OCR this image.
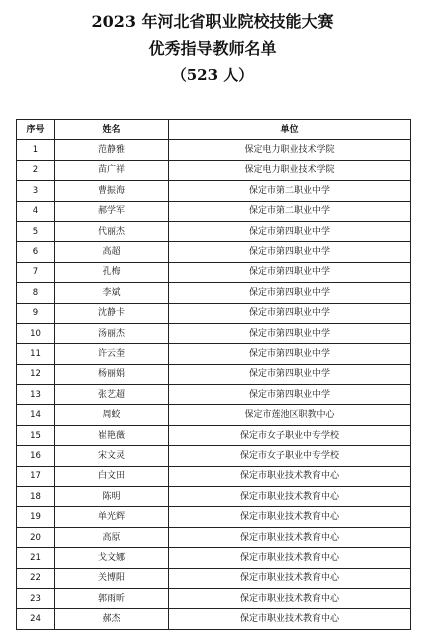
2023 年河北省职业院校技能大赛
优秀指导教师名单
（523 人）
序号	姓名	单位
1	范静雅	保定电力职业技术学院
2	苗广祥	保定电力职业技术学院
3	曹振海	保定市第二职业中学
4	郝学军	保定市第二职业中学
5	代丽杰	保定市第四职业中学
6	高超	保定市第四职业中学
7	孔梅	保定市第四职业中学
8	李斌	保定市第四职业中学
9	沈静卡	保定市第四职业中学
10	汤丽杰	保定市第四职业中学
11	许云奎	保定市第四职业中学
12	杨丽娟	保定市第四职业中学
13	张艺超	保定市第四职业中学
14	周蛟	保定市莲池区职教中心
15	崔艳薇	保定市女子职业中专学校
16	宋文灵	保定市女子职业中专学校
17	白文田	保定市职业技术教育中心
18	陈明	保定市职业技术教育中心
19	单光辉	保定市职业技术教育中心
20	高原	保定市职业技术教育中心
21	戈文娜	保定市职业技术教育中心
22	关博阳	保定市职业技术教育中心
23	郭雨昕	保定市职业技术教育中心
24	郝杰	保定市职业技术教育中心
